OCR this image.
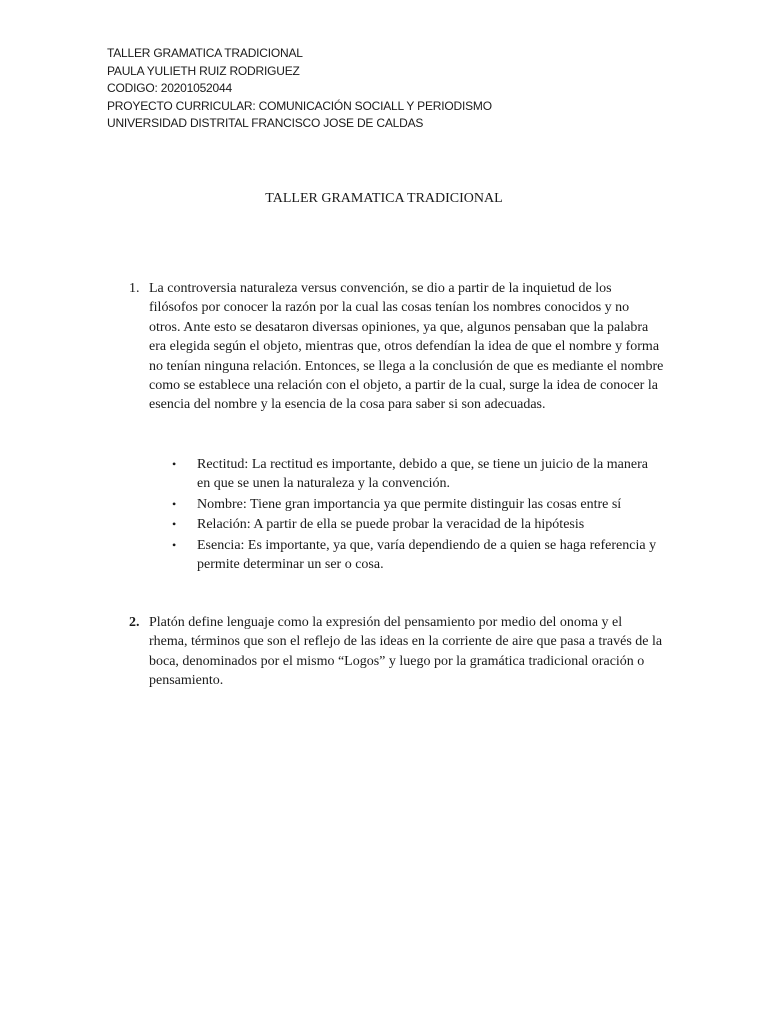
TALLER GRAMATICA TRADICIONAL
PAULA YULIETH RUIZ RODRIGUEZ
CODIGO: 20201052044
PROYECTO CURRICULAR: COMUNICACIÓN SOCIALL Y PERIODISMO
UNIVERSIDAD DISTRITAL FRANCISCO JOSE DE CALDAS
TALLER GRAMATICA TRADICIONAL
1. La controversia naturaleza versus convención, se dio a partir de la inquietud de los filósofos por conocer la razón por la cual las cosas tenían los nombres conocidos y no otros. Ante esto se desataron diversas opiniones, ya que, algunos pensaban que la palabra era elegida según el objeto, mientras que, otros defendían la idea de que el nombre y forma no tenían ninguna relación. Entonces, se llega a la conclusión de que es mediante el nombre como se establece una relación con el objeto, a partir de la cual, surge la idea de conocer la esencia del nombre y la esencia de la cosa para saber si son adecuadas.
• Rectitud: La rectitud es importante, debido a que, se tiene un juicio de la manera en que se unen la naturaleza y la convención.
• Nombre: Tiene gran importancia ya que permite distinguir las cosas entre sí
• Relación: A partir de ella se puede probar la veracidad de la hipótesis
• Esencia: Es importante, ya que, varía dependiendo de a quien se haga referencia y permite determinar un ser o cosa.
2. Platón define lenguaje como la expresión del pensamiento por medio del onoma y el rhema, términos que son el reflejo de las ideas en la corriente de aire que pasa a través de la boca, denominados por el mismo “Logos” y luego por la gramática tradicional oración o pensamiento.
